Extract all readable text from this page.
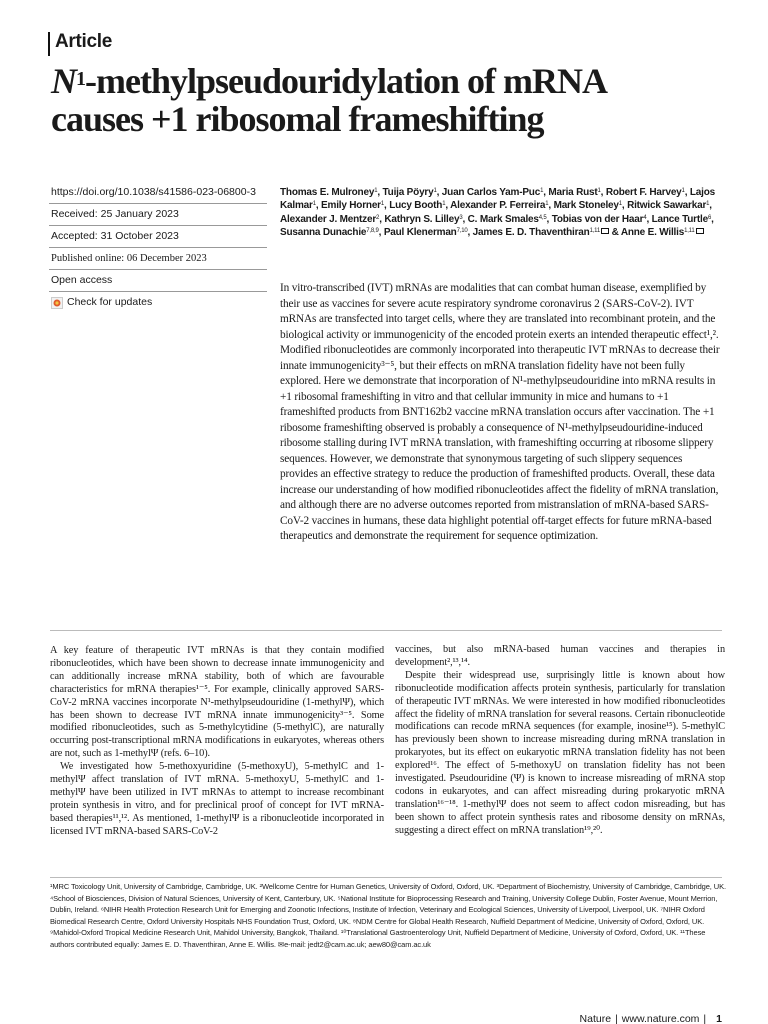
Article
$N^1$-methylpseudouridylation of mRNA
causes +1 ribosomal frameshifting
https://doi.org/10.1038/s41586-023-06800-3
Received: 25 January 2023
Accepted: 31 October 2023
Published online: 06 December 2023
Open access
Check for updates
Thomas E. Mulroney$^1$, Tuija Pöyry$^1$, Juan Carlos Yam-Puc$^1$, Maria Rust$^1$, Robert F. Harvey$^1$, Lajos Kalmar$^1$, Emily Horner$^1$, Lucy Booth$^1$, Alexander P. Ferreira$^1$, Mark Stoneley$^1$, Ritwick Sawarkar$^1$, Alexander J. Mentzer$^2$, Kathryn S. Lilley$^3$, C. Mark Smales$^{4,5}$, Tobias von der Haar$^4$, Lance Turtle$^6$, Susanna Dunachie$^{7,8,9}$, Paul Klenerman$^{7,10}$, James E. D. Thaventhiran$^{1,11}$ & Anne E. Willis$^{1,11}$

In vitro-transcribed (IVT) mRNAs are modalities that can combat human disease, exemplified by their use as vaccines for severe acute respiratory syndrome coronavirus 2 (SARS-CoV-2). IVT mRNAs are transfected into target cells, where they are translated into recombinant protein, and the biological activity or immunogenicity of the encoded protein exerts an intended therapeutic effect¹,². Modified ribonucleotides are commonly incorporated into therapeutic IVT mRNAs to decrease their innate immunogenicity³⁻⁵, but their effects on mRNA translation fidelity have not been fully explored. Here we demonstrate that incorporation of N¹-methylpseudouridine into mRNA results in +1 ribosomal frameshifting in vitro and that cellular immunity in mice and humans to +1 frameshifted products from BNT162b2 vaccine mRNA translation occurs after vaccination. The +1 ribosome frameshifting observed is probably a consequence of N¹-methylpseudouridine-induced ribosome stalling during IVT mRNA translation, with frameshifting occurring at ribosome slippery sequences. However, we demonstrate that synonymous targeting of such slippery sequences provides an effective strategy to reduce the production of frameshifted products. Overall, these data increase our understanding of how modified ribonucleotides affect the fidelity of mRNA translation, and although there are no adverse outcomes reported from mistranslation of mRNA-based SARS-CoV-2 vaccines in humans, these data highlight potential off-target effects for future mRNA-based therapeutics and demonstrate the requirement for sequence optimization.

A key feature of therapeutic IVT mRNAs is that they contain modified ribonucleotides, which have been shown to decrease innate immunogenicity and can additionally increase mRNA stability, both of which are favourable characteristics for mRNA therapies¹⁻⁵. For example, clinically approved SARS-CoV-2 mRNA vaccines incorporate N¹-methylpseudouridine (1-methylΨ), which has been shown to decrease IVT mRNA innate immunogenicity³⁻⁵. Some modified ribonucleotides, such as 5-methylcytidine (5-methylC), are naturally occurring post-transcriptional mRNA modifications in eukaryotes, whereas others are not, such as 1-methylΨ (refs. 6–10).

We investigated how 5-methoxyuridine (5-methoxyU), 5-methylC and 1-methylΨ affect translation of IVT mRNA. 5-methoxyU, 5-methylC and 1-methylΨ have been utilized in IVT mRNAs to attempt to increase recombinant protein synthesis in vitro, and for preclinical proof of concept for IVT mRNA-based therapies¹¹,¹². As mentioned, 1-methylΨ is a ribonucleotide incorporated in licensed IVT mRNA-based SARS-CoV-2

vaccines, but also mRNA-based human vaccines and therapies in development²,¹³,¹⁴.

Despite their widespread use, surprisingly little is known about how ribonucleotide modification affects protein synthesis, particularly for translation of therapeutic IVT mRNAs. We were interested in how modified ribonucleotides affect the fidelity of mRNA translation for several reasons. Certain ribonucleotide modifications can recode mRNA sequences (for example, inosine¹⁵). 5-methylC has previously been shown to increase misreading during mRNA translation in prokaryotes, but its effect on eukaryotic mRNA translation fidelity has not been explored¹⁶. The effect of 5-methoxyU on translation fidelity has not been investigated. Pseudouridine (Ψ) is known to increase misreading of mRNA stop codons in eukaryotes, and can affect misreading during prokaryotic mRNA translation¹⁶⁻¹⁸. 1-methylΨ does not seem to affect codon misreading, but has been shown to affect protein synthesis rates and ribosome density on mRNAs, suggesting a direct effect on mRNA translation¹⁹,²⁰.

¹MRC Toxicology Unit, University of Cambridge, Cambridge, UK. ²Wellcome Centre for Human Genetics, University of Oxford, Oxford, UK. ³Department of Biochemistry, University of Cambridge, Cambridge, UK. ⁴School of Biosciences, Division of Natural Sciences, University of Kent, Canterbury, UK. ⁵National Institute for Bioprocessing Research and Training, University College Dublin, Foster Avenue, Mount Merrion, Dublin, Ireland. ⁶NIHR Health Protection Research Unit for Emerging and Zoonotic Infections, Institute of Infection, Veterinary and Ecological Sciences, University of Liverpool, Liverpool, UK. ⁷NIHR Oxford Biomedical Research Centre, Oxford University Hospitals NHS Foundation Trust, Oxford, UK. ⁸NDM Centre for Global Health Research, Nuffield Department of Medicine, University of Oxford, Oxford, UK. ⁹Mahidol-Oxford Tropical Medicine Research Unit, Mahidol University, Bangkok, Thailand. ¹⁰Translational Gastroenterology Unit, Nuffield Department of Medicine, University of Oxford, Oxford, UK. ¹¹These authors contributed equally: James E. D. Thaventhiran, Anne E. Willis. ✉e-mail: jedt2@cam.ac.uk; aew80@cam.ac.uk
Nature | www.nature.com | 1
